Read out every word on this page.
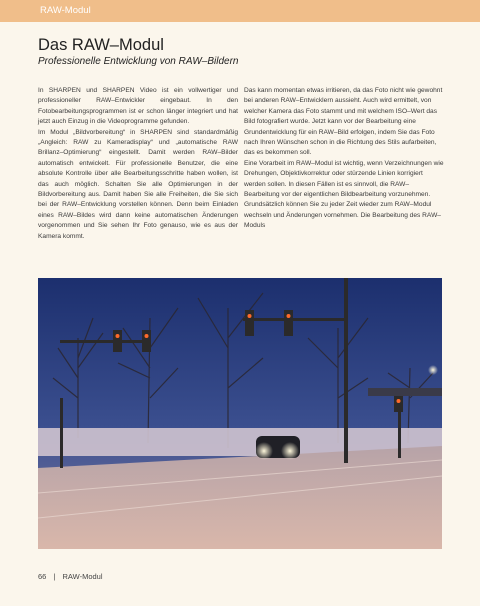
RAW-Modul
Das RAW–Modul
Professionelle Entwicklung von RAW–Bildern

In SHARPEN und SHARPEN Video ist ein vollwertiger und professioneller RAW–Entwickler eingebaut. In den Fotobearbeitungsprogrammen ist er schon länger integriert und hat jetzt auch Einzug in die Videoprogramme gefunden.

Im Modul „Bildvorbereitung“ in SHARPEN sind standardmäßig „Angleich: RAW zu Kameradisplay“ und „automatische RAW Brillanz–Optimierung“ eingestellt. Damit werden RAW–Bilder automatisch entwickelt. Für professionelle Benutzer, die eine absolute Kontrolle über alle Bearbeitungsschritte haben wollen, ist das auch möglich. Schalten Sie alle Optimierungen in der Bildvorbereitung aus. Damit haben Sie alle Freiheiten, die Sie sich bei der RAW–Entwicklung vorstellen können. Denn beim Einladen eines RAW–Bildes wird dann keine automatischen Änderungen vorgenommen und Sie sehen Ihr Foto genauso, wie es aus der Kamera kommt.

Das kann momentan etwas irritieren, da das Foto nicht wie gewohnt bei anderen RAW–Entwicklern aussieht. Auch wird ermittelt, von welcher Kamera das Foto stammt und mit welchem ISO–Wert das Bild fotografiert wurde. Jetzt kann vor der Bearbeitung eine Grundentwicklung für ein RAW–Bild erfolgen, indem Sie das Foto nach Ihren Wünschen schon in die Richtung des Stils aufarbeiten, das es bekommen soll.

Eine Vorarbeit im RAW–Modul ist wichtig, wenn Verzeichnungen wie Drehungen, Objektivkorrektur oder stürzende Linien korrigiert werden sollen. In diesen Fällen ist es sinnvoll, die RAW–Bearbeitung vor der eigentlichen Bildbearbeitung vorzunehmen. Grundsätzlich können Sie zu jeder Zeit wieder zum RAW–Modul wechseln und Änderungen vornehmen. Die Bearbeitung des RAW–Moduls

66 | RAW-Modul
